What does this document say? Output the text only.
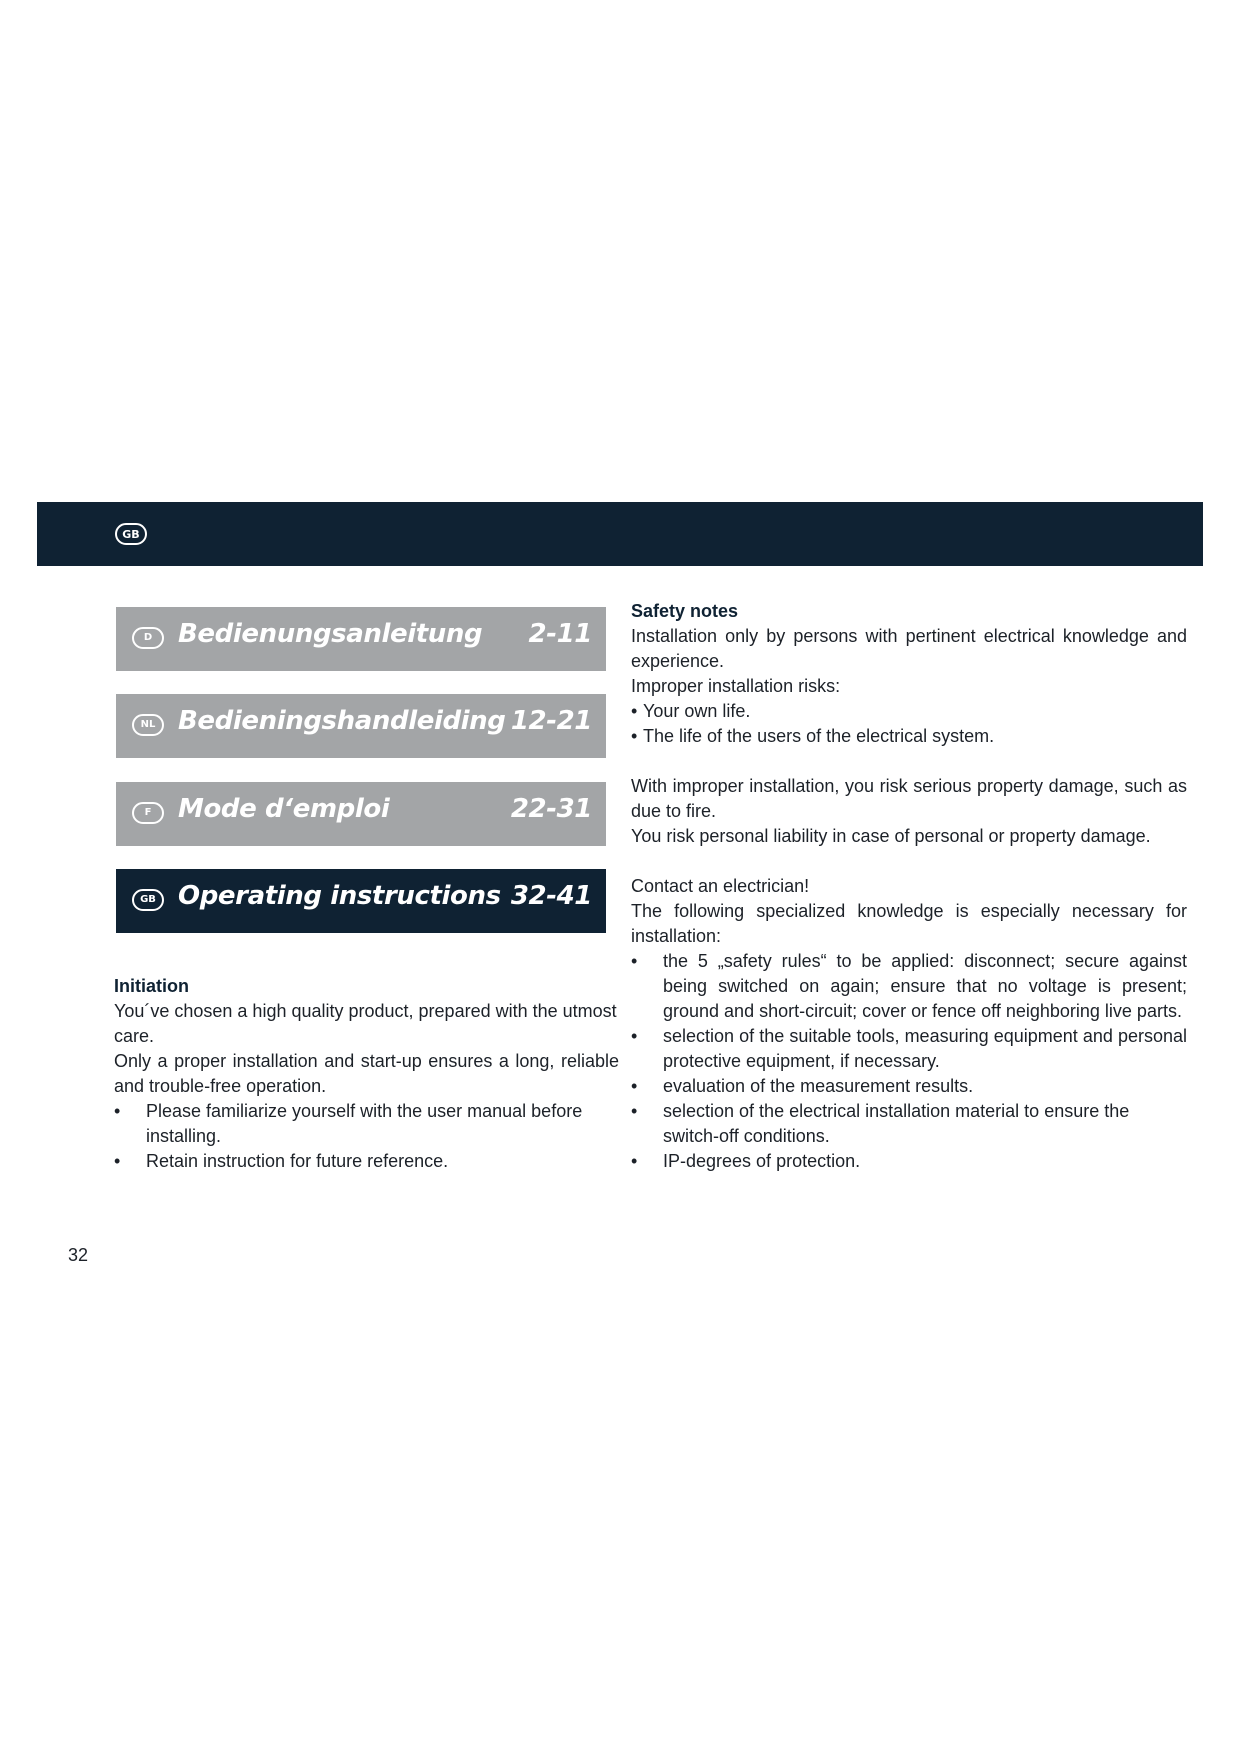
GB
D Bedienungsanleitung 2-11
NL Bedieningshandleiding 12-21
F	Mode d‘emploi	22-31
GB Operating instructions 32-41

Initiation

You´ve chosen a high quality product, prepared with the utmost care.
Only a proper installation and start-up ensures a long, reliable and trouble-free operation.
• Please familiarize yourself with the user manual before installing.
• Retain instruction for future reference.

Safety notes

Installation only by persons with pertinent electrical knowledge and experience.
Improper installation risks:
• Your own life.
• The life of the users of the electrical system.
With improper installation, you risk serious property damage, such as due to fire.
You risk personal liability in case of personal or property damage.
Contact an electrician!
The following specialized knowledge is especially necessary for installation:
• the 5 „safety rules“ to be applied: disconnect; secure against being switched on again; ensure that no voltage is present; ground and short-circuit; cover or fence off neighboring live parts.
• selection of the suitable tools, measuring equipment and personal protective equipment, if necessary.
• evaluation of the measurement results.
• selection of the electrical installation material to ensure the switch-off conditions.
• IP-degrees of protection.
32
